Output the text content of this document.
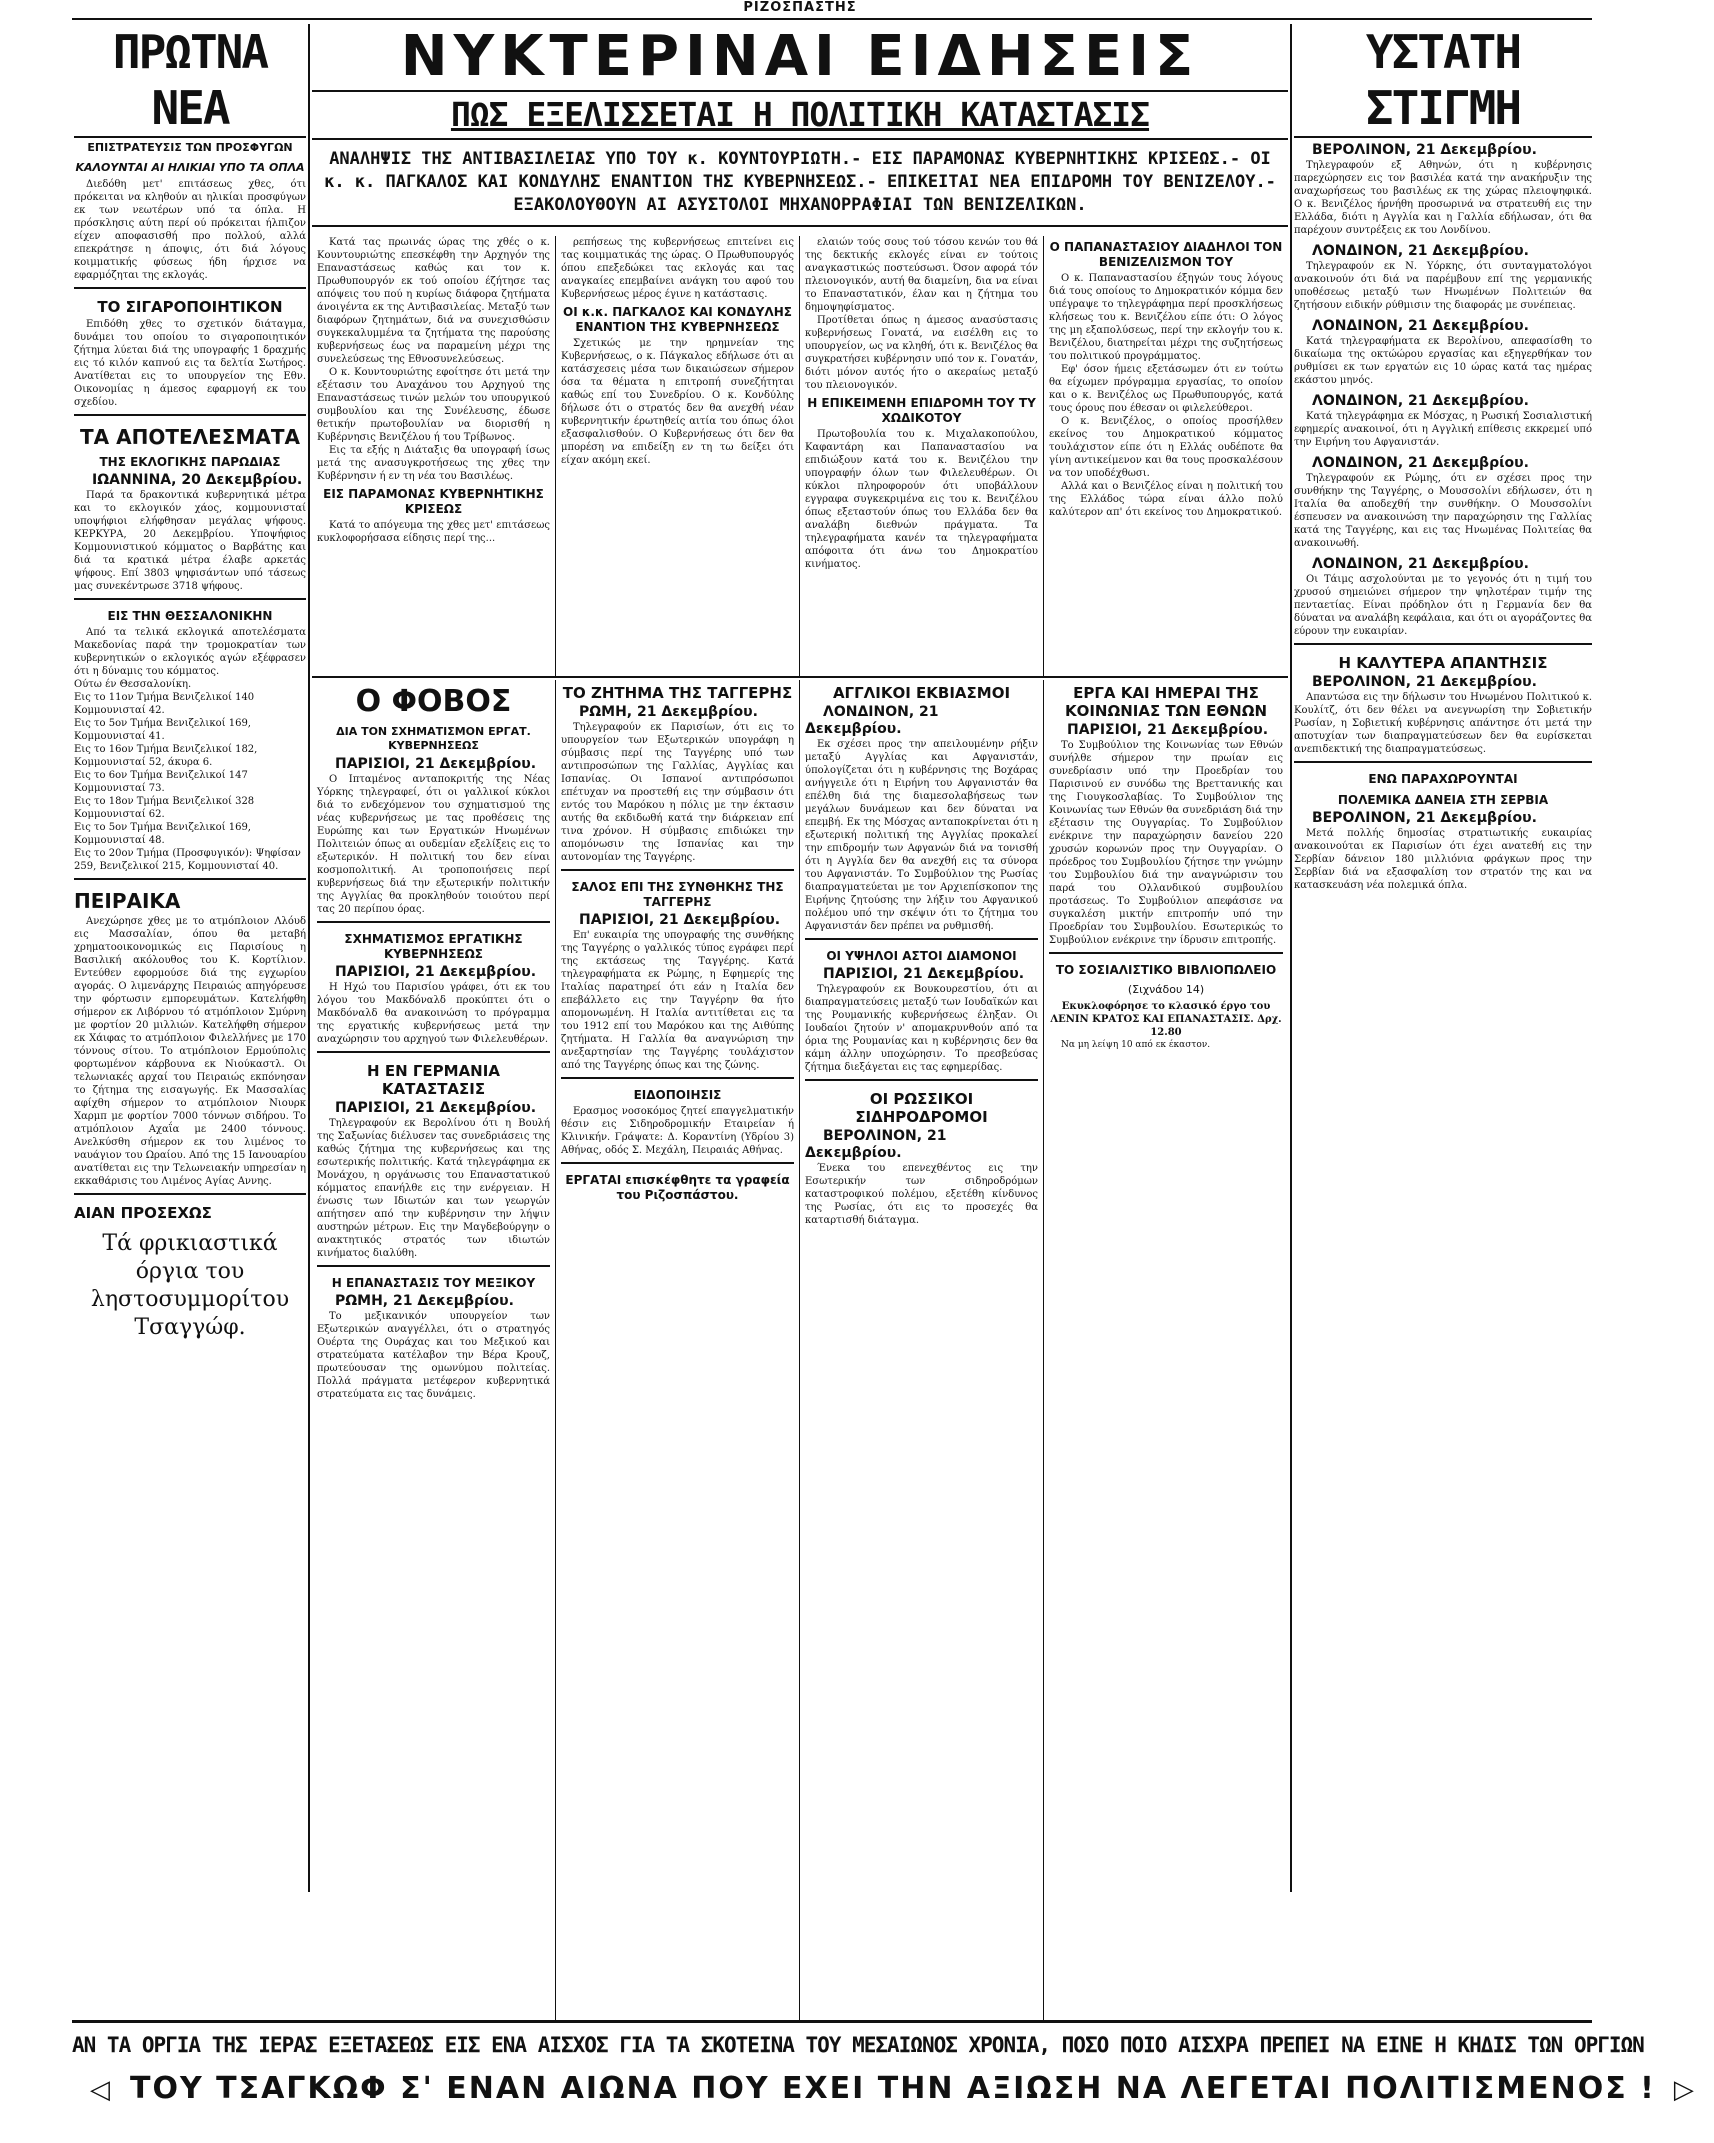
ΡΙΖΟΣΠΑΣΤΗΣ
ΠΡΩΤΝΑ ΝΕΑ
ΕΠΙΣΤΡΑΤΕΥΣΙΣ ΤΩΝ ΠΡΟΣΦΥΓΩΝ
ΚΑΛΟΥΝΤΑΙ ΑΙ ΗΛΙΚΙΑΙ ΥΠΟ ΤΑ ΟΠΛΑ

Διεδόθη μετ' επιτάσεως χθες, ότι πρόκειται να κληθούν αι ηλικίαι προσφύγων εκ των νεωτέρων υπό τα όπλα. Η πρόσκλησις αύτη περί ού πρόκειται ήλπιζον είχεν αποφασισθή προ πολλού, αλλά επεκράτησε η άποψις, ότι διά λόγους κοιμματικής φύσεως ήδη ήρχισε να εφαρμόζηται της εκλογάς.

ΤΟ ΣΙΓΑΡΟΠΟΙΗΤΙΚΟΝ

Επιδόθη χθες το σχετικόν διάταγμα, δυνάμει του οποίου το σιγαροποιητικόν ζήτημα λύεται διά της υπογραφής 1 δραχμής εις τό κιλόν καπνού εις τα δελτία Σωτήρος. Ανατίθεται εις το υπουργείον της Εθν. Οικονομίας η άμεσος εφαρμογή εκ του σχεδίου.

ΤΑ ΑΠΟΤΕΛΕΣΜΑΤΑ
ΤΗΣ ΕΚΛΟΓΙΚΗΣ ΠΑΡΩΔΙΑΣ
ΙΩΑΝΝΙΝΑ, 20 Δεκεμβρίου.

Παρά τα δρακοντικά κυβερνητικά μέτρα και το εκλογικόν χάος, κομμουνισταί υποψήφιοι ελήφθησαν μεγάλας ψήφους. ΚΕΡΚΥΡΑ, 20 Δεκεμβρίου. Υποψήφιος Κομμουνιστικού κόμματος ο Βαρβάτης και διά τα κρατικά μέτρα έλαβε αρκετάς ψήφους. Επί 3803 ψηφισάντων υπό τάσεως μας συνεκέντρωσε 3718 ψήφους.

ΕΙΣ ΤΗΝ ΘΕΣΣΑΛΟΝΙΚΗΝ

Από τα τελικά εκλογικά αποτελέσματα Μακεδονίας παρά την τρομοκρατίαν των κυβερνητικών ο εκλογικός αγών εξέφρασεν ότι η δύναμις του κόμματος.

Ούτω έν Θεσσαλονίκη.
Εις το 11ον Τμήμα Βενιζελικοί 140 Κομμουνισταί 42.
Εις το 5ον Τμήμα Βενιζελικοί 169, Κομμουνισταί 41.
Εις το 16ον Τμήμα Βενιζελικοί 182, Κομμουνισταί 52, άκυρα 6.
Εις το 6ον Τμήμα Βενιζελικοί 147 Κομμουνισταί 73.
Εις το 18ον Τμήμα Βενιζελικοί 328 Κομμουνισταί 62.
Εις το 5ον Τμήμα Βενιζελικοί 169, Κομμουνισταί 48.
Εις το 20ον Τμήμα (Προσφυγικόν): Ψηφίσαν 259, Βενιζελικοί 215, Κομμουνισταί 40.
ΠΕΙΡΑΙΚΑ

Ανεχώρησε χθες με το ατμόπλοιον Λλόυδ εις Μασσαλίαν, όπου θα μεταβή χρηματοοικονομικώς εις Παρισίους η Βασιλική ακόλουθος του Κ. Κορτίλιον. Εντεύθεν εφορμούσε διά της εγχωρίου αγοράς. Ο λιμενάρχης Πειραιώς απηγόρευσε την φόρτωσιν εμπορευμάτων. Κατελήφθη σήμερον εκ Λιβόρνου τό ατμόπλοιον Σμύρνη με φορτίον 20 μιλλιών. Κατελήφθη σήμερον εκ Χάιφας το ατμόπλοιον Φιλελλήνες με 170 τόννους σίτου. Το ατμόπλοιον Ερμούπολις φορτωμένον κάρβουνα εκ Νιούκαστλ. Οι τελωνιακές αρχαί του Πειραιώς εκπόνησαν το ζήτημα της εισαγωγής. Εκ Μασσαλίας αφίχθη σήμερον το ατμόπλοιον Νιουρκ Χαρμπ με φορτίον 7000 τόννων σιδήρου. Το ατμόπλοιον Αχαΐα με 2400 τόννους. Ανελκύσθη σήμερον εκ του λιμένος το ναυάγιον του Ωραίου. Από της 15 Ιανουαρίου ανατίθεται εις την Τελωνειακήν υπηρεσίαν η εκκαθάρισις του Λιμένος Αγίας Αννης.

ΑΙΑΝ ΠΡΟΣΕΧΩΣ
Τά φρικιαστικά όργια του ληστοσυμμορίτου Τσαγγώφ.
ΝΥΚΤΕΡΙΝΑΙ ΕΙΔΗΣΕΙΣ
ΠΩΣ ΕΞΕΛΙΣΣΕΤΑΙ Η ΠΟΛΙΤΙΚΗ ΚΑΤΑΣΤΑΣΙΣ
ΑΝΑΛΗΨΙΣ ΤΗΣ ΑΝΤΙΒΑΣΙΛΕΙΑΣ ΥΠΟ ΤΟΥ κ. ΚΟΥΝΤΟΥΡΙΩΤΗ.- ΕΙΣ ΠΑΡΑΜΟΝΑΣ ΚΥΒΕΡΝΗΤΙΚΗΣ ΚΡΙΣΕΩΣ.- ΟΙ κ. κ. ΠΑΓΚΑΛΟΣ ΚΑΙ ΚΟΝΔΥΛΗΣ ΕΝΑΝΤΙΟΝ ΤΗΣ ΚΥΒΕΡΝΗΣΕΩΣ.- ΕΠΙΚΕΙΤΑΙ ΝΕΑ ΕΠΙΔΡΟΜΗ ΤΟΥ ΒΕΝΙΖΕΛΟΥ.- ΕΞΑΚΟΛΟΥΘΟΥΝ ΑΙ ΑΣΥΣΤΟΛΟΙ ΜΗΧΑΝΟΡΡΑΦΙΑΙ ΤΩΝ ΒΕΝΙΖΕΛΙΚΩΝ.

Κατά τας πρωινάς ώρας της χθές ο κ. Κουντουριώτης επεσκέφθη την Αρχηγόν της Επαναστάσεως καθώς και τον κ. Πρωθυπουργόν εκ τού οποίου έζήτησε τας απόψεις του πού η κυρίως διάφορα ζητήματα άνοιγέντα εκ της Αντιβασιλείας. Μεταξύ των διαφόρων ζητημάτων, διά να συνεχισθώσιν συγκεκαλυμμένα τα ζητήματα της παρούσης κυβερνήσεως έως να παραμείνη μέχρι της συνελεύσεως της Εθνοσυνελεύσεως.

Ο κ. Κουντουριώτης εφοίτησε ότι μετά την εξέτασιν του Αναχάνου του Αρχηγού της Επαναστάσεως τινών μελών του υπουργικού συμβουλίου και της Συνέλευσης, έδωσε θετικήν πρωτοβουλίαν να διορισθή η Κυβέρνησις Βενιζέλου ή του Τρίβωνος.

Εις τα εξής η Διάταξις θα υπογραφή ίσως μετά της ανασυγκροτήσεως της χθες την Κυβέρνησιν ή εν τη νέα του Βασιλέως.

ΕΙΣ ΠΑΡΑΜΟΝΑΣ ΚΥΒΕΡΝΗΤΙΚΗΣ ΚΡΙΣΕΩΣ

Κατά το απόγευμα της χθες μετ' επιτάσεως κυκλοφορήσασα είδησις περί της...

ρεπήσεως της κυβερνήσεως επιτείνει εις τας κοιμματικάς της ώρας. Ο Πρωθυπουργός όπου επεξεδώκει τας εκλογάς και τας αναγκαίες επεμβαίνει ανάγκη του αφού του Κυβερνήσεως μέρος έγινε η κατάστασις.

ΟΙ κ.κ. ΠΑΓΚΑΛΟΣ ΚΑΙ ΚΟΝΔΥΛΗΣ ΕΝΑΝΤΙΟΝ ΤΗΣ ΚΥΒΕΡΝΗΣΕΩΣ

Σχετικώς με την ηρημνείαν της Κυβερνήσεως, ο κ. Πάγκαλος εδήλωσε ότι αι κατάσχεσεις μέσα των δικαιώσεων σήμερον όσα τα θέματα η επιτροπή συνεζήτηται καθώς επί του Συνεδρίου. Ο κ. Κονδύλης δήλωσε ότι ο στρατός δεν θα ανεχθή νέαν κυβερνητικήν έρωτηθείς αιτία του όπως όλοι εξασφαλισθούν. Ο Κυβερνήσεως ότι δεν θα μπορέση να επιδείξη εν τη τω δείξει ότι είχαν ακόμη εκεί.

ελαιών τούς σους τού τόσου κενών του θά της δεκτικής εκλογές είναι εν τούτοις αναγκαστικώς ποστεύσωσι. Όσον αφορά τόν πλειονογικόν, αυτή θα διαμείνη, δια να είναι το Επαναστατικόν, έλαν και η ζήτημα του δημοψηφίσματος.

Προτίθεται όπως η άμεσος ανασύστασις κυβερνήσεως Γονατά, να εισέλθη εις το υπουργείον, ως να κληθή, ότι κ. Βενιζέλος θα συγκρατήσει κυβέρνησιν υπό τον κ. Γονατάν, διότι μόνον αυτός ήτο ο ακεραίως μεταξύ του πλειονογικόν.

Η ΕΠΙΚΕΙΜΕΝΗ ΕΠΙΔΡΟΜΗ ΤΟΥ ΤΥ ΧΩΔΙΚΟΤΟΥ

Πρωτοβουλία του κ. Μιχαλακοπούλου, Καφαντάρη και Παπαναστασίου να επιδιώξουν κατά του κ. Βενιζέλου την υπογραφήν όλων των Φιλελευθέρων. Οι κύκλοι πληροφορούν ότι υποβάλλουν εγγραφα συγκεκριμένα εις του κ. Βενιζέλου όπως εξεταστούν όπως του Ελλάδα δεν θα αναλάβη διεθνών πράγματα. Τα τηλεγραφήματα κανέν τα τηλεγραφήματα απόφοιτα ότι άνω του Δημοκρατίου κινήματος.

Ο ΠΑΠΑΝΑΣΤΑΣΙΟΥ ΔΙΑΔΗΛΟΙ ΤΟΝ ΒΕΝΙΖΕΛΙΣΜΟΝ ΤΟΥ

Ο κ. Παπαναστασίου έξηγών τους λόγους διά τους οποίους το Δημοκρατικόν κόμμα δεν υπέγραψε το τηλεγράφημα περί προσκλήσεως κλήσεως του κ. Βενιζέλου είπε ότι: Ο λόγος της μη εξαπολύσεως, περί την εκλογήν του κ. Βενιζέλου, διατηρείται μέχρι της συζητήσεως του πολιτικού προγράμματος.

Εφ' όσον ήμεις εξετάσωμεν ότι εν τούτω θα είχωμεν πρόγραμμα εργασίας, το οποίον και ο κ. Βενιζέλος ως Πρωθυπουργός, κατά τους όρους που έθεσαν οι φιλελεύθεροι.

Ο κ. Βενιζέλος, ο οποίος προσήλθεν εκείνος του Δημοκρατικού κόμματος τουλάχιστον είπε ότι η Ελλάς ουδέποτε θα γίνη αντικείμενον και θα τους προσκαλέσουν να τον υποδέχθωσι.

Αλλά και ο Βενιζέλος είναι η πολιτική του της Ελλάδος τώρα είναι άλλο πολύ καλύτερον απ' ότι εκείνος του Δημοκρατικού.

Ο ΦΟΒΟΣ
ΔΙΑ ΤΟΝ ΣΧΗΜΑΤΙΣΜΟΝ ΕΡΓΑΤ. ΚΥΒΕΡΝΗΣΕΩΣ
ΠΑΡΙΣΙΟΙ, 21 Δεκεμβρίου.

Ο Ιπταμένος ανταποκριτής της Νέας Υόρκης τηλεγραφεί, ότι οι γαλλικοί κύκλοι διά το ενδεχόμενον του σχηματισμού της νέας κυβερνήσεως με τας προθέσεις της Ευρώπης και των Εργατικών Ηνωμένων Πολιτειών όπως αι ουδεμίαν εξελίξεις εις το εξωτερικόν. Η πολιτική του δεν είναι κοσμοπολιτική. Αι τροποποιήσεις περί κυβερνήσεως διά την εξωτερικήν πολιτικήν της Αγγλίας θα προκληθούν τοιούτου περί τας 20 περίπου όρας.

ΣΧΗΜΑΤΙΣΜΟΣ ΕΡΓΑΤΙΚΗΣ ΚΥΒΕΡΝΗΣΕΩΣ
ΠΑΡΙΣΙΟΙ, 21 Δεκεμβρίου.

Η Ηχώ του Παρισίου γράφει, ότι εκ του λόγου του Μακδόναλδ προκύπτει ότι ο Μακδόναλδ θα ανακοινώση το πρόγραμμα της εργατικής κυβερνήσεως μετά την αναχώρησιν του αρχηγού των Φιλελευθέρων.

Η ΕΝ ΓΕΡΜΑΝΙΑ ΚΑΤΑΣΤΑΣΙΣ
ΠΑΡΙΣΙΟΙ, 21 Δεκεμβρίου.

Τηλεγραφούν εκ Βερολίνου ότι η Βουλή της Σαξωνίας διέλυσεν τας συνεδριάσεις της καθώς ζήτημα της κυβερνήσεως και της εσωτερικής πολιτικής. Κατά τηλεγράφημα εκ Μονάχου, η οργάνωσις του Επαναστατικού κόμματος επανήλθε εις την ενέργειαν. Η ένωσις των Ιδιωτών και των γεωργών απήτησεν από την κυβέρνησιν την λήψιν αυστηρών μέτρων. Εις την Μαγδεβούργην ο ανακτητικός στρατός των ιδιωτών κινήματος διαλύθη.

Η ΕΠΑΝΑΣΤΑΣΙΣ ΤΟΥ ΜΕΞΙΚΟΥ
ΡΩΜΗ, 21 Δεκεμβρίου.

Το μεξικανικόν υπουργείον των Εξωτερικών αναγγέλλει, ότι ο στρατηγός Ουέρτα της Ουράχας και του Μεξικού και στρατεύματα κατέλαβον την Βέρα Κρουζ, πρωτεύουσαν της ομωνύμου πολιτείας. Πολλά πράγματα μετέφερον κυβερνητικά στρατεύματα εις τας δυνάμεις.

ΤΟ ΖΗΤΗΜΑ ΤΗΣ ΤΑΓΓΕΡΗΣ
ΡΩΜΗ, 21 Δεκεμβρίου.

Τηλεγραφούν εκ Παρισίων, ότι εις το υπουργείον των Εξωτερικών υπογράφη η σύμβασις περί της Ταγγέρης υπό των αντιπροσώπων της Γαλλίας, Αγγλίας και Ισπανίας. Οι Ισπανοί αντιπρόσωποι επέτυχαν να προστεθή εις την σύμβασιν ότι εντός του Μαρόκου η πόλις με την έκτασιν αυτής θα εκδιδωθή κατά την διάρκειαν επί τινα χρόνον. Η σύμβασις επιδιώκει την απομόνωσιν της Ισπανίας και την αυτονομίαν της Ταγγέρης.

ΣΑΛΟΣ ΕΠΙ ΤΗΣ ΣΥΝΘΗΚΗΣ ΤΗΣ ΤΑΓΓΕΡΗΣ
ΠΑΡΙΣΙΟΙ, 21 Δεκεμβρίου.

Επ' ευκαιρία της υπογραφής της συνθήκης της Ταγγέρης ο γαλλικός τύπος εγράφει περί της εκτάσεως της Ταγγέρης. Κατά τηλεγραφήματα εκ Ρώμης, η Εφημερίς της Ιταλίας παρατηρεί ότι εάν η Ιταλία δεν επεβάλλετο εις την Ταγγέρην θα ήτο απομονωμένη. Η Ιταλία αντιτίθεται εις τα του 1912 επί του Μαρόκου και της Αιθύπης ζητήματα. Η Γαλλία θα αναγνώριση την ανεξαρτησίαν της Ταγγέρης τουλάχιστον από της Ταγγέρης όπως και της ζώνης.

ΕΙΔΟΠΟΙΗΣΙΣ

Ερασμος νοσοκόμος ζητεί επαγγελματικήν θέσιν εις Σιδηροδρομικήν Εταιρείαν ή Κλινικήν. Γράψατε: Δ. Κοραντίνη (Υδρίου 3) Αθήνας, οδός Σ. Μεχάλη, Πειραιάς Αθήνας.

ΕΡΓΑΤΑΙ επισκέφθητε τα γραφεία του Ριζοσπάστου.
ΑΓΓΛΙΚΟΙ ΕΚΒΙΑΣΜΟΙ
ΛΟΝΔΙΝΟΝ, 21 Δεκεμβρίου.

Εκ σχέσει προς την απειλουμένην ρήξιν μεταξύ Αγγλίας και Αφγανιστάν, ύπολογίζεται ότι η κυβέρνησις της Βοχάρας ανήγγειλε ότι η Ειρήνη του Αφγανιστάν θα επέλθη διά της διαμεσολαβήσεως των μεγάλων δυνάμεων και δεν δύναται να επεμβή. Εκ της Μόσχας ανταποκρίνεται ότι η εξωτερική πολιτική της Αγγλίας προκαλεί την επιδρομήν των Αφγανών διά να τονισθή ότι η Αγγλία δεν θα ανεχθή εις τα σύνορα του Αφγανιστάν. Το Συμβούλιον της Ρωσίας διαπραγματεύεται με τον Αρχιεπίσκοπον της Ειρήνης ζητούσης την λήξιν του Αφγανικού πολέμου υπό την σκέψιν ότι το ζήτημα του Αφγανιστάν δεν πρέπει να ρυθμισθή.

ΟΙ ΥΨΗΛΟΙ ΑΣΤΟΙ ΔΙΑΜΟΝΟΙ
ΠΑΡΙΣΙΟΙ, 21 Δεκεμβρίου.

Τηλεγραφούν εκ Βουκουρεστίου, ότι αι διαπραγματεύσεις μεταξύ των Ιουδαϊκών και της Ρουμανικής κυβερνήσεως έληξαν. Οι Ιουδαίοι ζητούν ν' απομακρυνθούν από τα όρια της Ρουμανίας και η κυβέρνησις δεν θα κάμη άλλην υποχώρησιν. Το πρεσβεύσας ζήτημα διεξάγεται εις τας εφημερίδας.

ΟΙ ΡΩΣΣΙΚΟΙ ΣΙΔΗΡΟΔΡΟΜΟΙ
ΒΕΡΟΛΙΝΟΝ, 21 Δεκεμβρίου.

Ένεκα του επενεχθέντος εις την Εσωτερικήν των σιδηροδρόμων καταστροφικού πολέμου, εξετέθη κίνδυνος της Ρωσίας, ότι εις το προσεχές θα καταρτισθή διάταγμα.

ΕΡΓΑ ΚΑΙ ΗΜΕΡΑΙ ΤΗΣ ΚΟΙΝΩΝΙΑΣ ΤΩΝ ΕΘΝΩΝ
ΠΑΡΙΣΙΟΙ, 21 Δεκεμβρίου.

Το Συμβούλιον της Κοινωνίας των Εθνών συνήλθε σήμερον την πρωίαν εις συνεδρίασιν υπό την Προεδρίαν του Παρισινού εν συνόδω της Βρεττανικής και της Γιουγκοσλαβίας. Το Συμβούλιον της Κοινωνίας των Εθνών θα συνεδριάση διά την εξέτασιν της Ουγγαρίας. Το Συμβούλιον ενέκρινε την παραχώρησιν δανείου 220 χρυσών κορωνών προς την Ουγγαρίαν. Ο πρόεδρος του Συμβουλίου ζήτησε την γνώμην του Συμβουλίου διά την αναγνώρισιν του παρά του Ολλανδικού συμβουλίου προτάσεως. Το Συμβούλιον απεφάσισε να συγκαλέση μικτήν επιτροπήν υπό την Προεδρίαν του Συμβουλίου. Εσωτερικώς το Συμβούλιον ενέκρινε την ίδρυσιν επιτροπής.

ΤΟ ΣΟΣΙΑΛΙΣΤΙΚΟ ΒΙΒΛΙΟΠΩΛΕΙΟ
(Σιχνάδου 14)

Εκυκλοφόρησε το κλασικό έργο του ΛΕΝΙΝ ΚΡΑΤΟΣ ΚΑΙ ΕΠΑΝΑΣΤΑΣΙΣ. Δρχ. 12.80

Να μη λείψη 10 από εκ έκαστον.

ΥΣΤΑΤΗ ΣΤΙΓΜΗ
ΒΕΡΟΛΙΝΟΝ, 21 Δεκεμβρίου.

Τηλεγραφούν εξ Αθηνών, ότι η κυβέρνησις παρεχώρησεν εις τον βασιλέα κατά την ανακήρυξιν της αναχωρήσεως του βασιλέως εκ της χώρας πλειοψηφικά. Ο κ. Βενιζέλος ήρνήθη προσωρινά να στρατευθή εις την Ελλάδα, διότι η Αγγλία και η Γαλλία εδήλωσαν, ότι θα παρέχουν συντρέξεις εκ του Λονδίνου.

ΛΟΝΔΙΝΟΝ, 21 Δεκεμβρίου.

Τηλεγραφούν εκ Ν. Υόρκης, ότι συνταγματολόγοι ανακοινούν ότι διά να παρέμβουν επί της γερμανικής υποθέσεως μεταξύ των Ηνωμένων Πολιτειών θα ζητήσουν ειδικήν ρύθμισιν της διαφοράς με συνέπειας.

ΛΟΝΔΙΝΟΝ, 21 Δεκεμβρίου.

Κατά τηλεγραφήματα εκ Βερολίνου, απεφασίσθη το δικαίωμα της οκτώώρου εργασίας και εξηγερθήκαν τον ρυθμίσει εκ των εργατών εις 10 ώρας κατά τας ημέρας εκάστου μηνός.

ΛΟΝΔΙΝΟΝ, 21 Δεκεμβρίου.

Κατά τηλεγράφημα εκ Μόσχας, η Ρωσική Σοσιαλιστική εφημερίς ανακοινοί, ότι η Αγγλική επίθεσις εκκρεμεί υπό την Ειρήνη του Αφγανιστάν.

ΛΟΝΔΙΝΟΝ, 21 Δεκεμβρίου.

Τηλεγραφούν εκ Ρώμης, ότι εν σχέσει προς την συνθήκην της Ταγγέρης, ο Μουσσολίνι εδήλωσεν, ότι η Ιταλία θα αποδεχθή την συνθήκην. Ο Μουσσολίνι έσπευσεν να ανακοινώση την παραχώρησιν της Γαλλίας κατά της Ταγγέρης, και εις τας Ηνωμένας Πολιτείας θα ανακοινωθή.

ΛΟΝΔΙΝΟΝ, 21 Δεκεμβρίου.

Οι Τάιμς ασχολούνται με το γεγονός ότι η τιμή του χρυσού σημειώνει σήμερον την ψηλοτέραν τιμήν της πενταετίας. Είναι πρόδηλον ότι η Γερμανία δεν θα δύναται να αναλάβη κεφάλαια, και ότι οι αγοράζοντες θα εύρουν την ευκαιρίαν.

Η ΚΑΛΥΤΕΡΑ ΑΠΑΝΤΗΣΙΣ
ΒΕΡΟΛΙΝΟΝ, 21 Δεκεμβρίου.

Απαντώσα εις την δήλωσιν του Ηνωμένου Πολιτικού κ. Κουλίτζ, ότι δεν θέλει να ανεγνωρίση την Σοβιετικήν Ρωσίαν, η Σοβιετική κυβέρνησις απάντησε ότι μετά την αποτυχίαν των διαπραγματεύσεων δεν θα ευρίσκεται ανεπιδεκτική της διαπραγματεύσεως.

ΕΝΩ ΠΑΡΑΧΩΡΟΥΝΤΑΙ
ΠΟΛΕΜΙΚΑ ΔΑΝΕΙΑ ΣΤΗ ΣΕΡΒΙΑ
ΒΕΡΟΛΙΝΟΝ, 21 Δεκεμβρίου.

Μετά πολλής δημοσίας στρατιωτικής ευκαιρίας ανακοινούται εκ Παρισίων ότι έχει ανατεθή εις την Σερβίαν δάνειον 180 μιλλιόνια φράγκων προς την Σερβίαν διά να εξασφαλίση τον στρατόν της και να κατασκευάση νέα πολεμικά όπλα.

ΑΝ ΤΑ ΟΡΓΙΑ ΤΗΣ ΙΕΡΑΣ ΕΞΕΤΑΣΕΩΣ ΕΙΣ ΕΝΑ ΑΙΣΧΟΣ ΓΙΑ ΤΑ ΣΚΟΤΕΙΝΑ ΤΟΥ ΜΕΣΑΙΩΝΟΣ ΧΡΟΝΙΑ, ΠΟΣΟ ΠΟΙΟ ΑΙΣΧΡΑ ΠΡΕΠΕΙ ΝΑ ΕΙΝΕ Η ΚΗΔΙΣ ΤΩΝ ΟΡΓΙΩΝ
◁ ΤΟΥ ΤΣΑΓΚΩΦ Σ' ΕΝΑΝ ΑΙΩΝΑ ΠΟΥ ΕΧΕΙ ΤΗΝ ΑΞΙΩΣΗ ΝΑ ΛΕΓΕΤΑΙ ΠΟΛΙΤΙΣΜΕΝΟΣ ! ▷
